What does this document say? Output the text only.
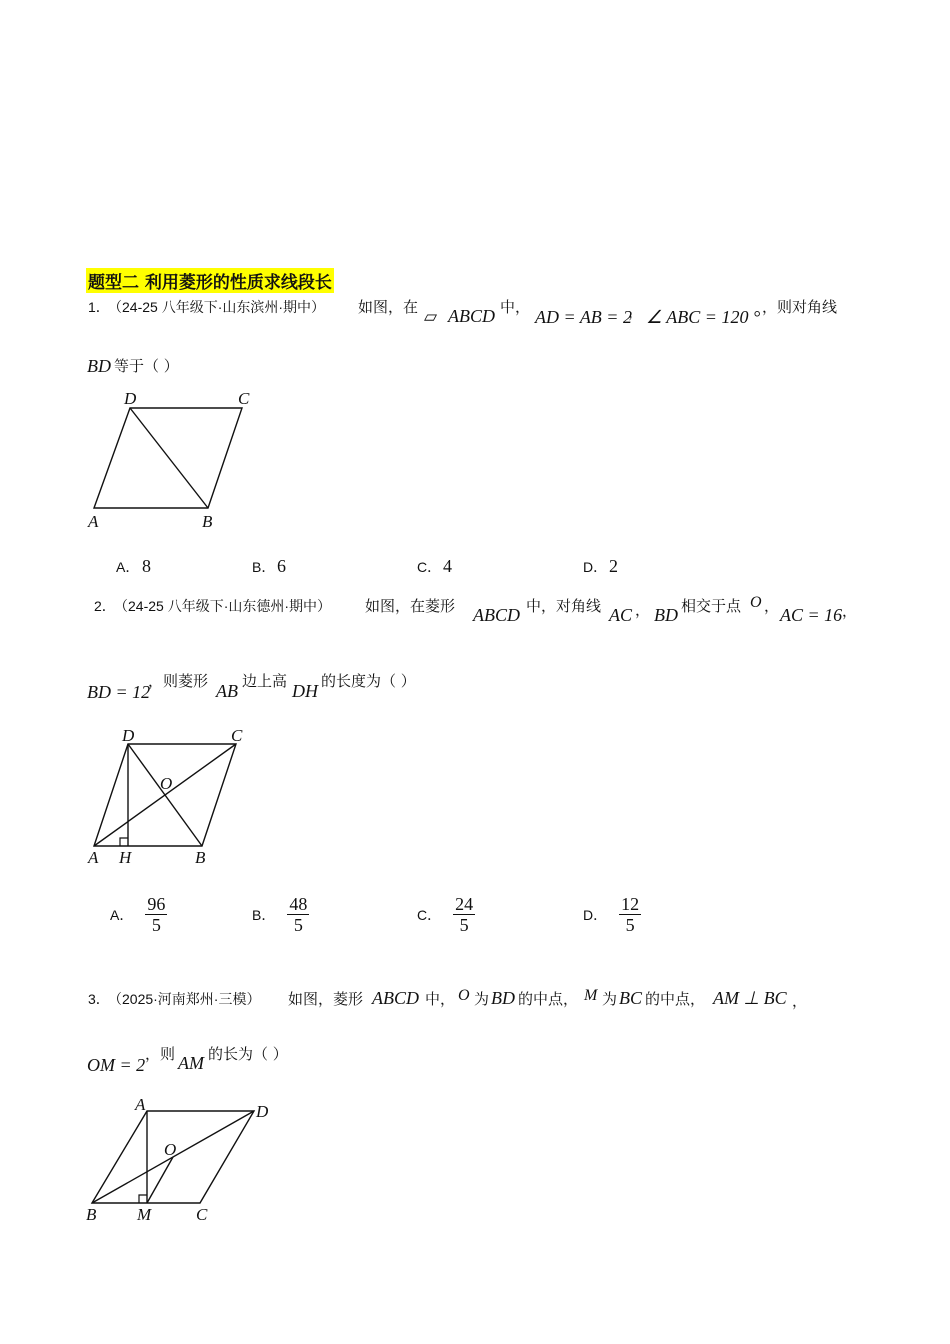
题型二 利用菱形的性质求线段长
1．
（24-25 八年级下·山东滨州·期中） 如图，在 ▱ ABCD 中， AD = AB = 2
， ∠ ABC = 120 ° ，则对角线
BD 等于（ ）
D	C
A	B
A． 8	B． 6	C． 4	D． 2
2．
（24-25 八年级下·山东德州·期中） 如图，在菱形 ABCD 中，对角线 AC ， BD 相交于点 O ， AC = 16 ，
BD = 12
，则菱形 AB 边上高 DH 的长度为（ ）
D	C
O
A H	B
A． $\frac{96}{5}$	B． $\frac{48}{5}$	C． $\frac{24}{5}$	D． $\frac{12}{5}$
3．
（2025·河南郑州·三模） 如图，菱形 ABCD 中， O 为 BD 的中点， M 为 BC 的中点， AM ⊥ BC ，
OM = 2
，则 AM 的长为（ ）
A	D
O
B M	C
